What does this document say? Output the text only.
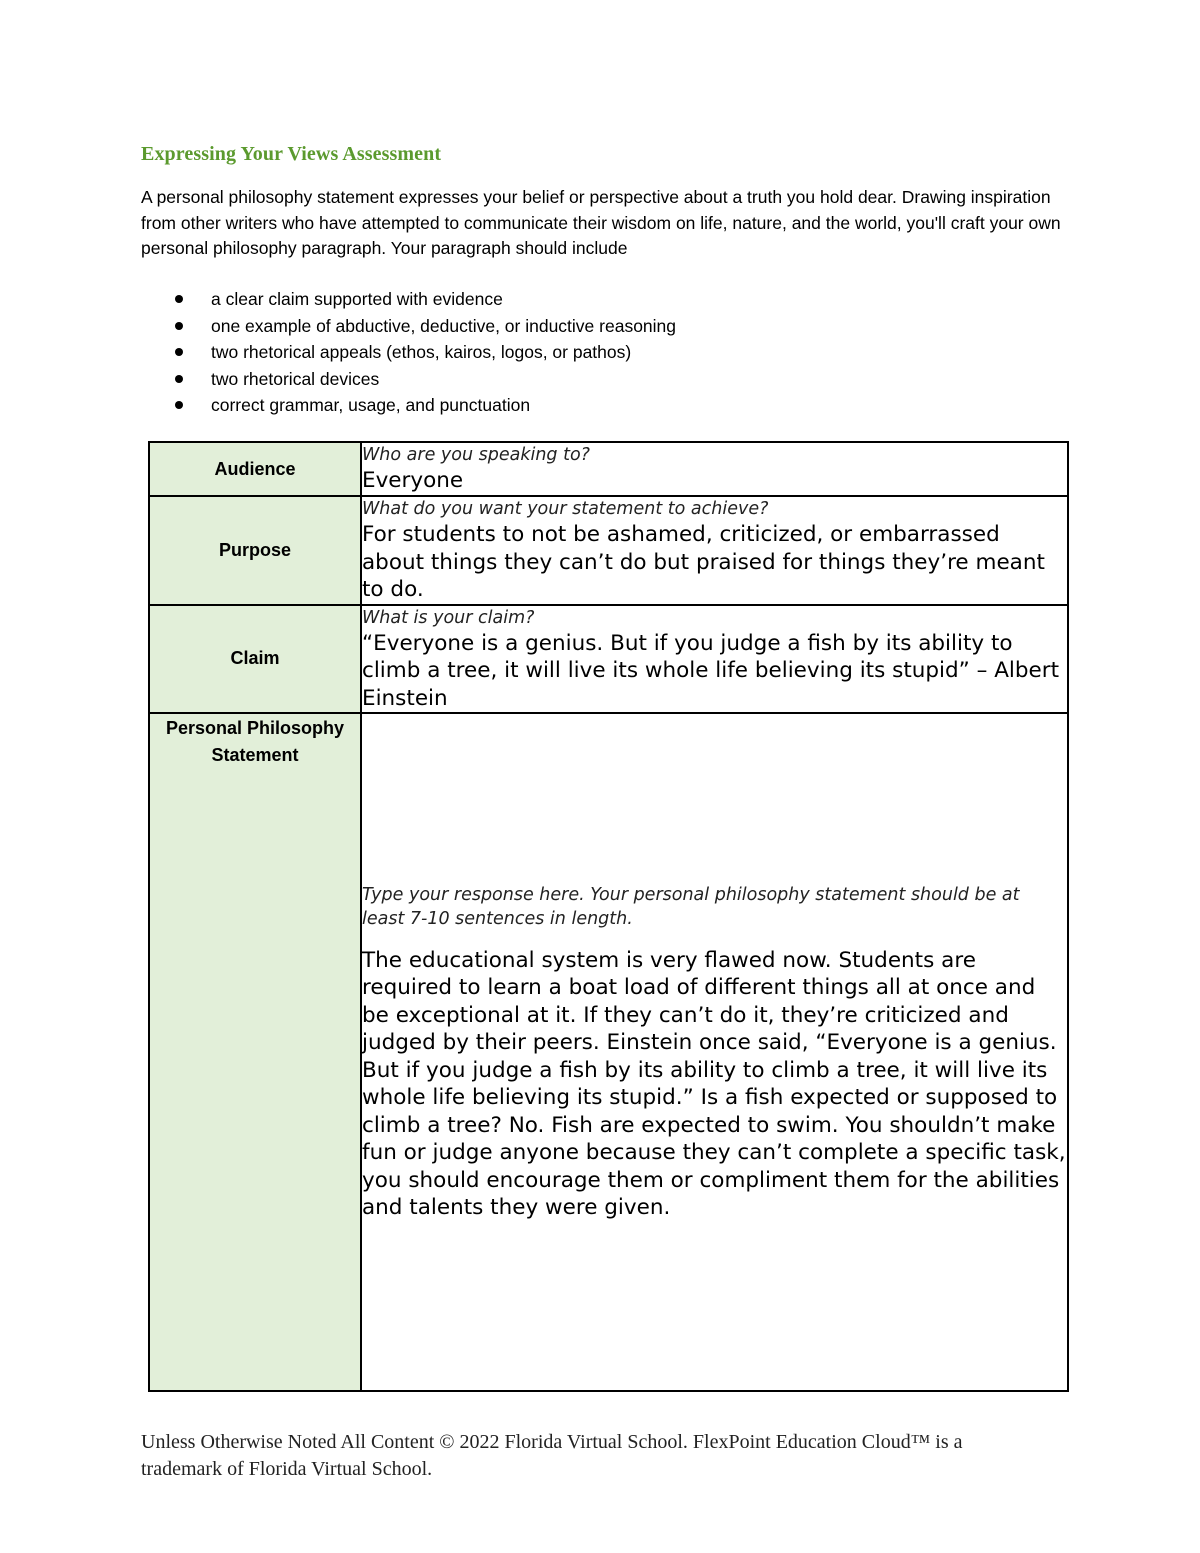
Expressing Your Views Assessment
A personal philosophy statement expresses your belief or perspective about a truth you hold dear. Drawing inspiration from other writers who have attempted to communicate their wisdom on life, nature, and the world, you'll craft your own personal philosophy paragraph. Your paragraph should include
a clear claim supported with evidence
one example of abductive, deductive, or inductive reasoning
two rhetorical appeals (ethos, kairos, logos, or pathos)
two rhetorical devices
correct grammar, usage, and punctuation
Audience	Who are you speaking to?
Everyone

Purpose	What do you want your statement to achieve?
For students to not be ashamed, criticized, or embarrassed about things they can’t do but praised for things they’re meant to do.

Claim	What is your claim?
“Everyone is a genius. But if you judge a fish by its ability to climb a tree, it will live its whole life believing its stupid” – Albert Einstein

Personal Philosophy Statement	Type your response here. Your personal philosophy statement should be at least 7-10 sentences in length.
The educational system is very flawed now. Students are required to learn a boat load of different things all at once and be exceptional at it. If they can’t do it, they’re criticized and judged by their peers. Einstein once said, “Everyone is a genius. But if you judge a fish by its ability to climb a tree, it will live its whole life believing its stupid.” Is a fish expected or supposed to climb a tree? No. Fish are expected to swim. You shouldn’t make fun or judge anyone because they can’t complete a specific task, you should encourage them or compliment them for the abilities and talents they were given.
Unless Otherwise Noted All Content © 2022 Florida Virtual School. FlexPoint Education Cloud™ is a trademark of Florida Virtual School.
